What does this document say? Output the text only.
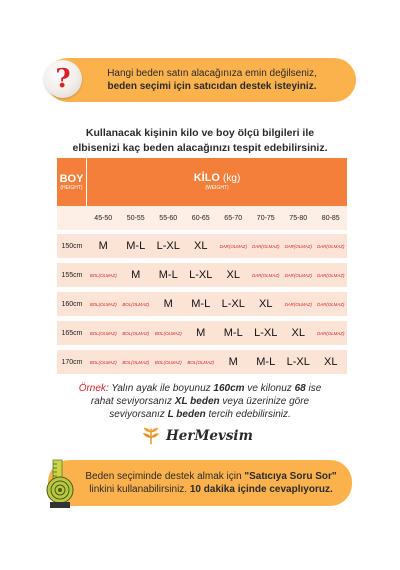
?	Hangi beden satın alacağınıza emin değilseniz,
beden seçimi için satıcıdan destek isteyiniz.
Kullanacak kişinin kilo ve boy ölçü bilgileri ile
elbisenizi kaç beden alacağınızı tespit edebilirsiniz.
BOY
(HEIGHT)
KİLO (kg)
(WEIGHT)
45-50	50-55	55-60	60-65	65-70	70-75	75-80	80-85
150cm	M	M-L	L-XL	XL	DAR (OLMAZ) DAR (OLMAZ) DAR (OLMAZ) DAR (OLMAZ)
155cm	BOL (OLMAZ)	M	M-L	L-XL	XL	DAR (OLMAZ) DAR (OLMAZ) DAR (OLMAZ)
160cm	BOL (OLMAZ) BOL (OLMAZ)	M	M-L	L-XL	XL	DAR (OLMAZ) DAR (OLMAZ)
165cm	BOL (OLMAZ) BOL (OLMAZ) BOL (OLMAZ)	M	M-L	L-XL	XL	DAR (OLMAZ)
170cm	BOL (OLMAZ) BOL (OLMAZ) BOL (OLMAZ) BOL (OLMAZ)	M	M-L	L-XL	XL
Örnek: Yalın ayak ile boyunuz 160cm ve kilonuz 68 ise
rahat seviyorsanız XL beden veya üzerinize göre
seviyorsanız L beden tercih edebilirsiniz.
HerMevsim
Beden seçiminde destek almak için "Satıcıya Soru Sor"
linkini kullanabilirsiniz. 10 dakika içinde cevaplıyoruz.
